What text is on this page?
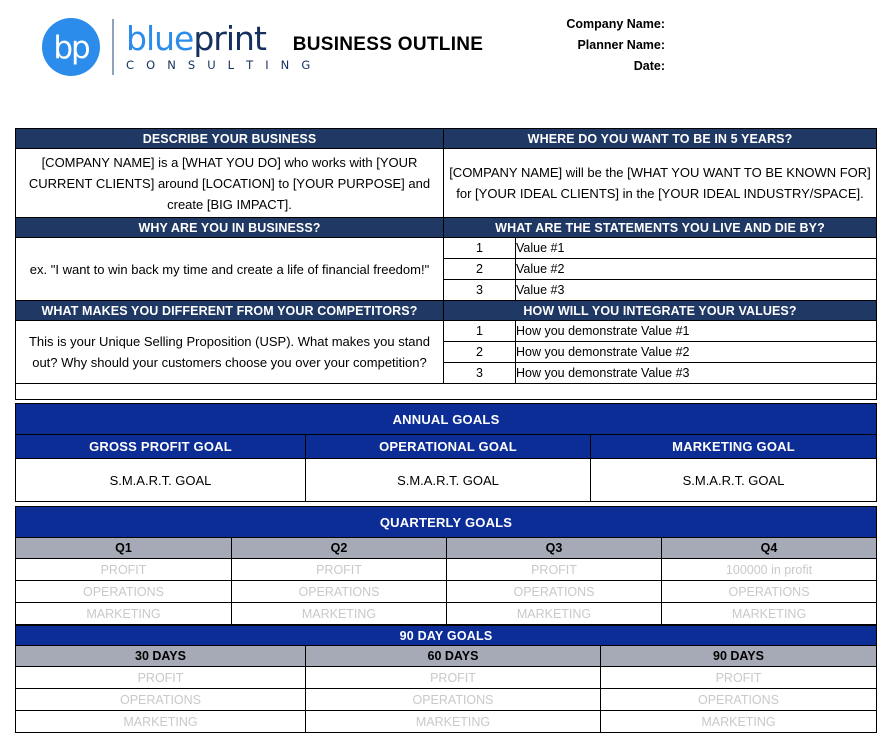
bp blueprint
C O N S U L T I N G
BUSINESS OUTLINE
Company Name:
Planner Name:
Date:
DESCRIBE YOUR BUSINESS	WHERE DO YOU WANT TO BE IN 5 YEARS?	
[COMPANY NAME] is a [WHAT YOU DO] who works with [YOUR CURRENT CLIENTS] around [LOCATION] to [YOUR PURPOSE] and create [BIG IMPACT].	[COMPANY NAME] will be the [WHAT YOU WANT TO BE KNOWN FOR] for [YOUR IDEAL CLIENTS] in the [YOUR IDEAL INDUSTRY/SPACE].	
WHY ARE YOU IN BUSINESS?	WHAT ARE THE STATEMENTS YOU LIVE AND DIE BY?	
ex. "I want to win back my time and create a life of financial freedom!"	1	Value #1
	2	Value #2
	3	Value #3
WHAT MAKES YOU DIFFERENT FROM YOUR COMPETITORS?	HOW WILL YOU INTEGRATE YOUR VALUES?	
This is your Unique Selling Proposition (USP). What makes you stand out? Why should your customers choose you over your competition?	1	How you demonstrate Value #1
	2	How you demonstrate Value #2
	3	How you demonstrate Value #3

ANNUAL GOALS		
GROSS PROFIT GOAL	OPERATIONAL GOAL	MARKETING GOAL
S.M.A.R.T. GOAL	S.M.A.R.T. GOAL	S.M.A.R.T. GOAL
QUARTERLY GOALS			
Q1	Q2	Q3	Q4
PROFIT	PROFIT	PROFIT	100000 in profit
OPERATIONS	OPERATIONS	OPERATIONS	OPERATIONS
MARKETING	MARKETING	MARKETING	MARKETING
90 DAY GOALS		
30 DAYS	60 DAYS	90 DAYS
PROFIT	PROFIT	PROFIT
OPERATIONS	OPERATIONS	OPERATIONS
MARKETING	MARKETING	MARKETING
